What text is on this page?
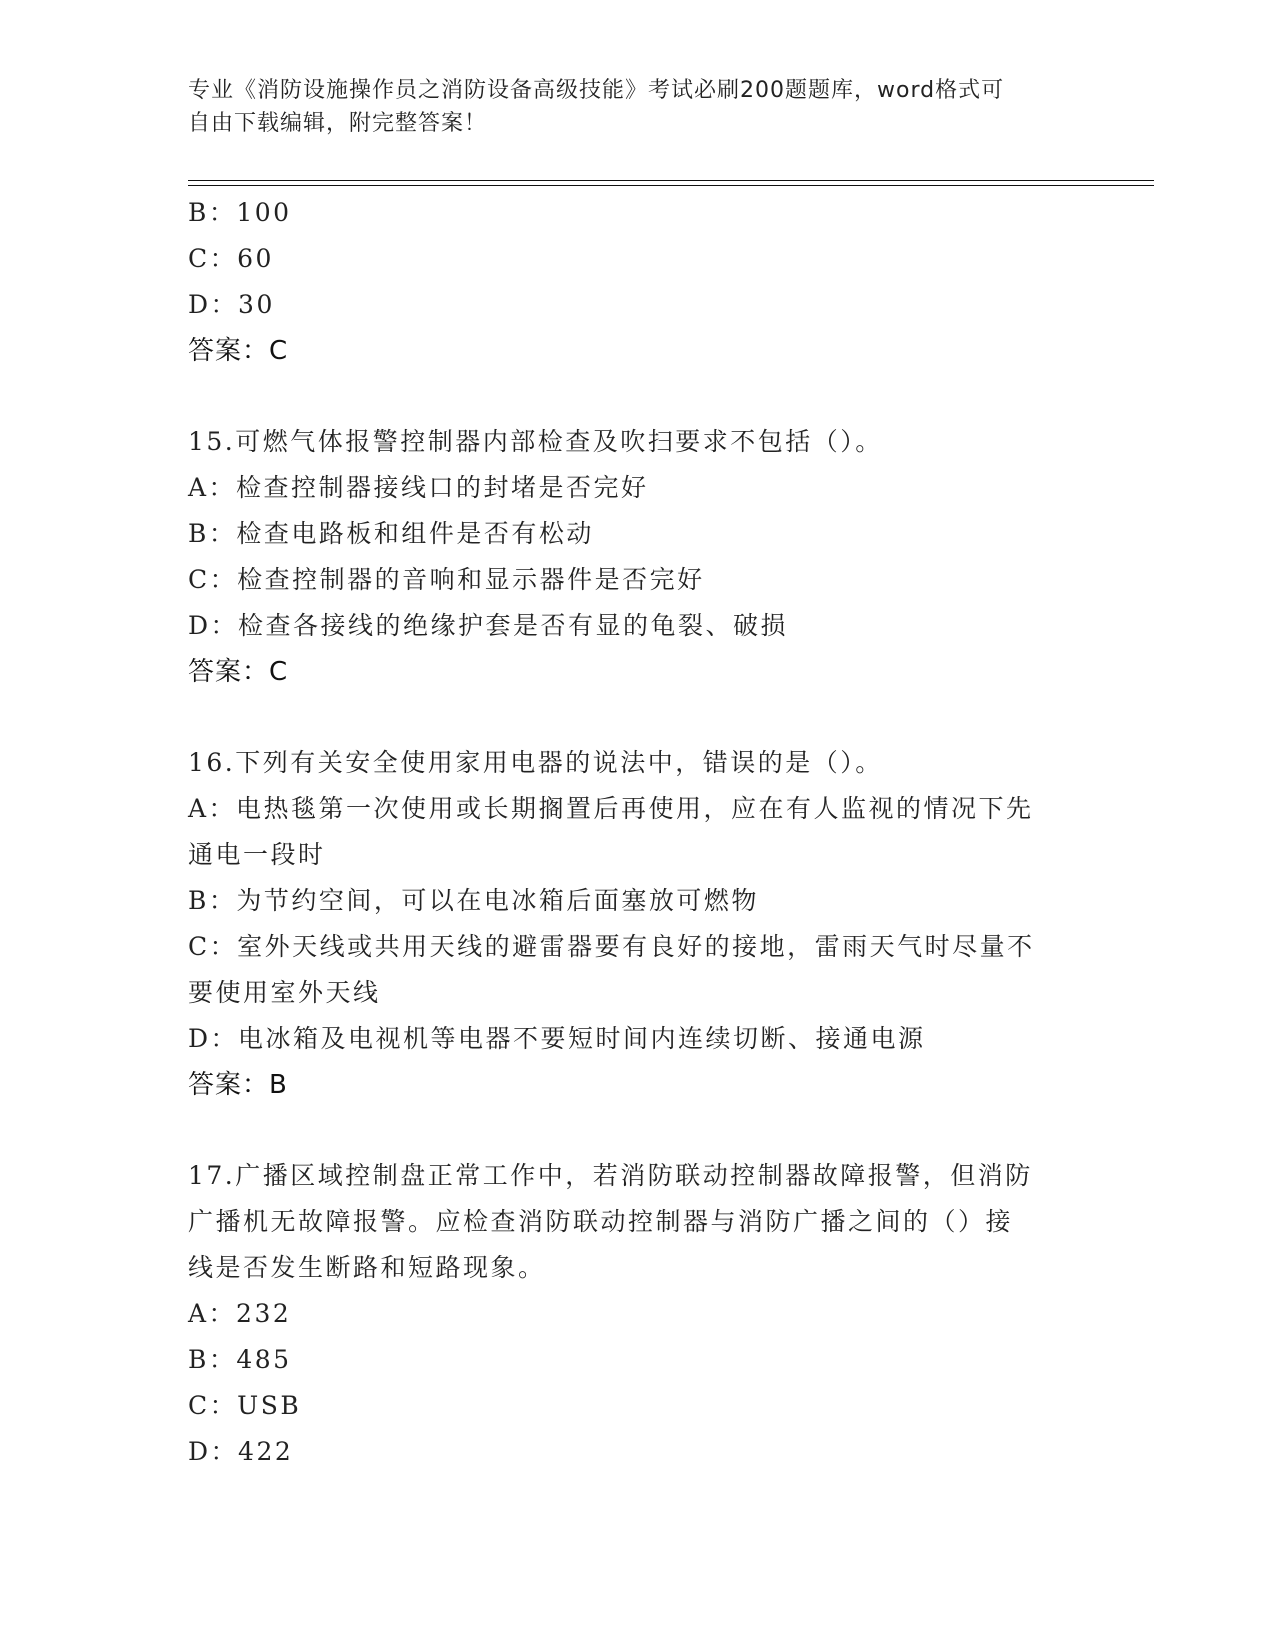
专业《消防设施操作员之消防设备高级技能》考试必刷200题题库，word格式可
自由下载编辑，附完整答案！
B：100
C：60
D：30
答案：C
15.可燃气体报警控制器内部检查及吹扫要求不包括（）。
A：检查控制器接线口的封堵是否完好
B：检查电路板和组件是否有松动
C：检查控制器的音响和显示器件是否完好
D：检查各接线的绝缘护套是否有显的龟裂、破损
答案：C
16.下列有关安全使用家用电器的说法中，错误的是（）。
A：电热毯第一次使用或长期搁置后再使用，应在有人监视的情况下先
通电一段时
B：为节约空间，可以在电冰箱后面塞放可燃物
C：室外天线或共用天线的避雷器要有良好的接地，雷雨天气时尽量不
要使用室外天线
D：电冰箱及电视机等电器不要短时间内连续切断、接通电源
答案：B
17.广播区域控制盘正常工作中，若消防联动控制器故障报警，但消防
广播机无故障报警。应检查消防联动控制器与消防广播之间的（）接
线是否发生断路和短路现象。
A：232
B：485
C：USB
D：422
